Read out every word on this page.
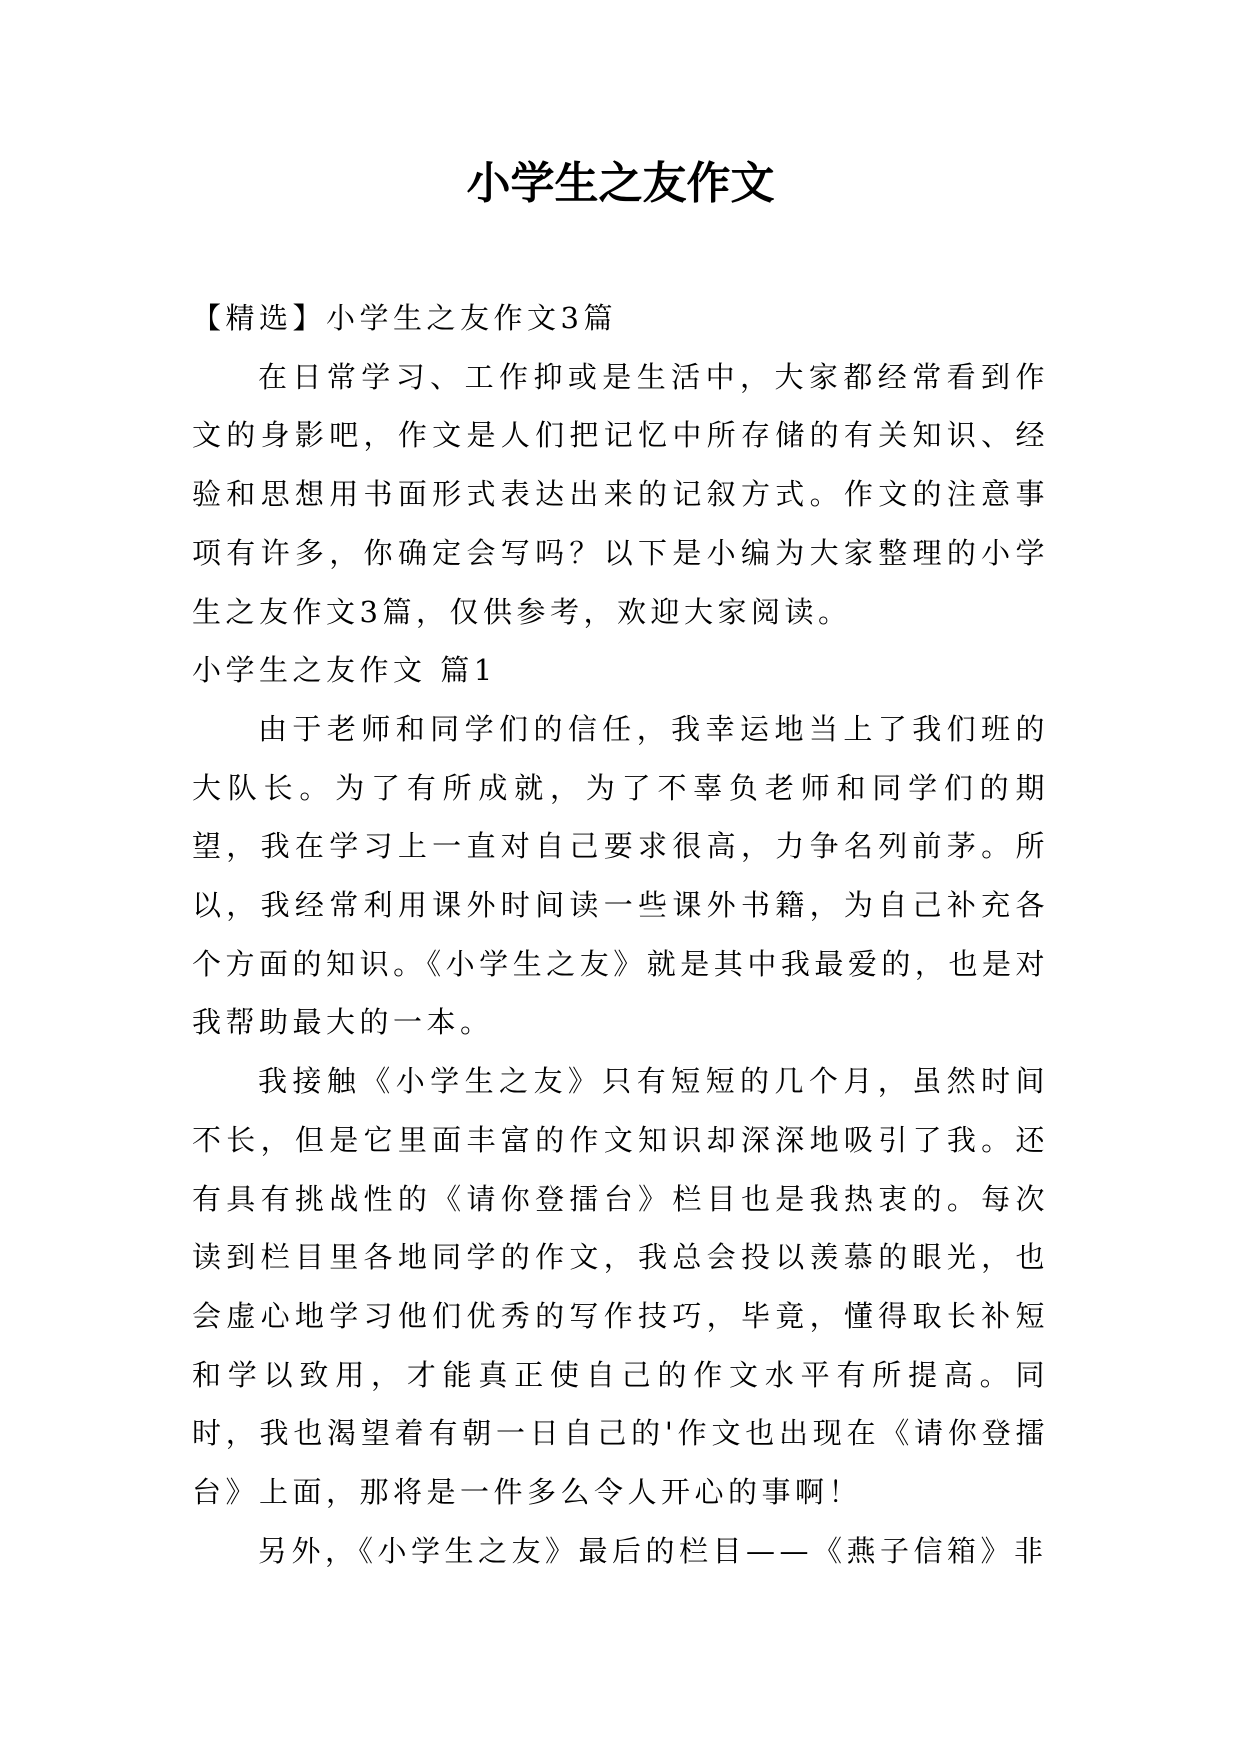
小学生之友作文

【精选】小学生之友作文3篇

在日常学习、工作抑或是生活中，大家都经常看到作文的身影吧，作文是人们把记忆中所存储的有关知识、经验和思想用书面形式表达出来的记叙方式。作文的注意事项有许多，你确定会写吗？以下是小编为大家整理的小学生之友作文3篇，仅供参考，欢迎大家阅读。

小学生之友作文 篇1

由于老师和同学们的信任，我幸运地当上了我们班的大队长。为了有所成就，为了不辜负老师和同学们的期望，我在学习上一直对自己要求很高，力争名列前茅。所以，我经常利用课外时间读一些课外书籍，为自己补充各个方面的知识。《小学生之友》就是其中我最爱的，也是对我帮助最大的一本。

我接触《小学生之友》只有短短的几个月，虽然时间不长，但是它里面丰富的作文知识却深深地吸引了我。还有具有挑战性的《请你登擂台》栏目也是我热衷的。每次读到栏目里各地同学的作文，我总会投以羡慕的眼光，也会虚心地学习他们优秀的写作技巧，毕竟，懂得取长补短和学以致用，才能真正使自己的作文水平有所提高。同时，我也渴望着有朝一日自己的'作文也出现在《请你登擂台》上面，那将是一件多么令人开心的事啊！

另外，《小学生之友》最后的栏目——《燕子信箱》非
